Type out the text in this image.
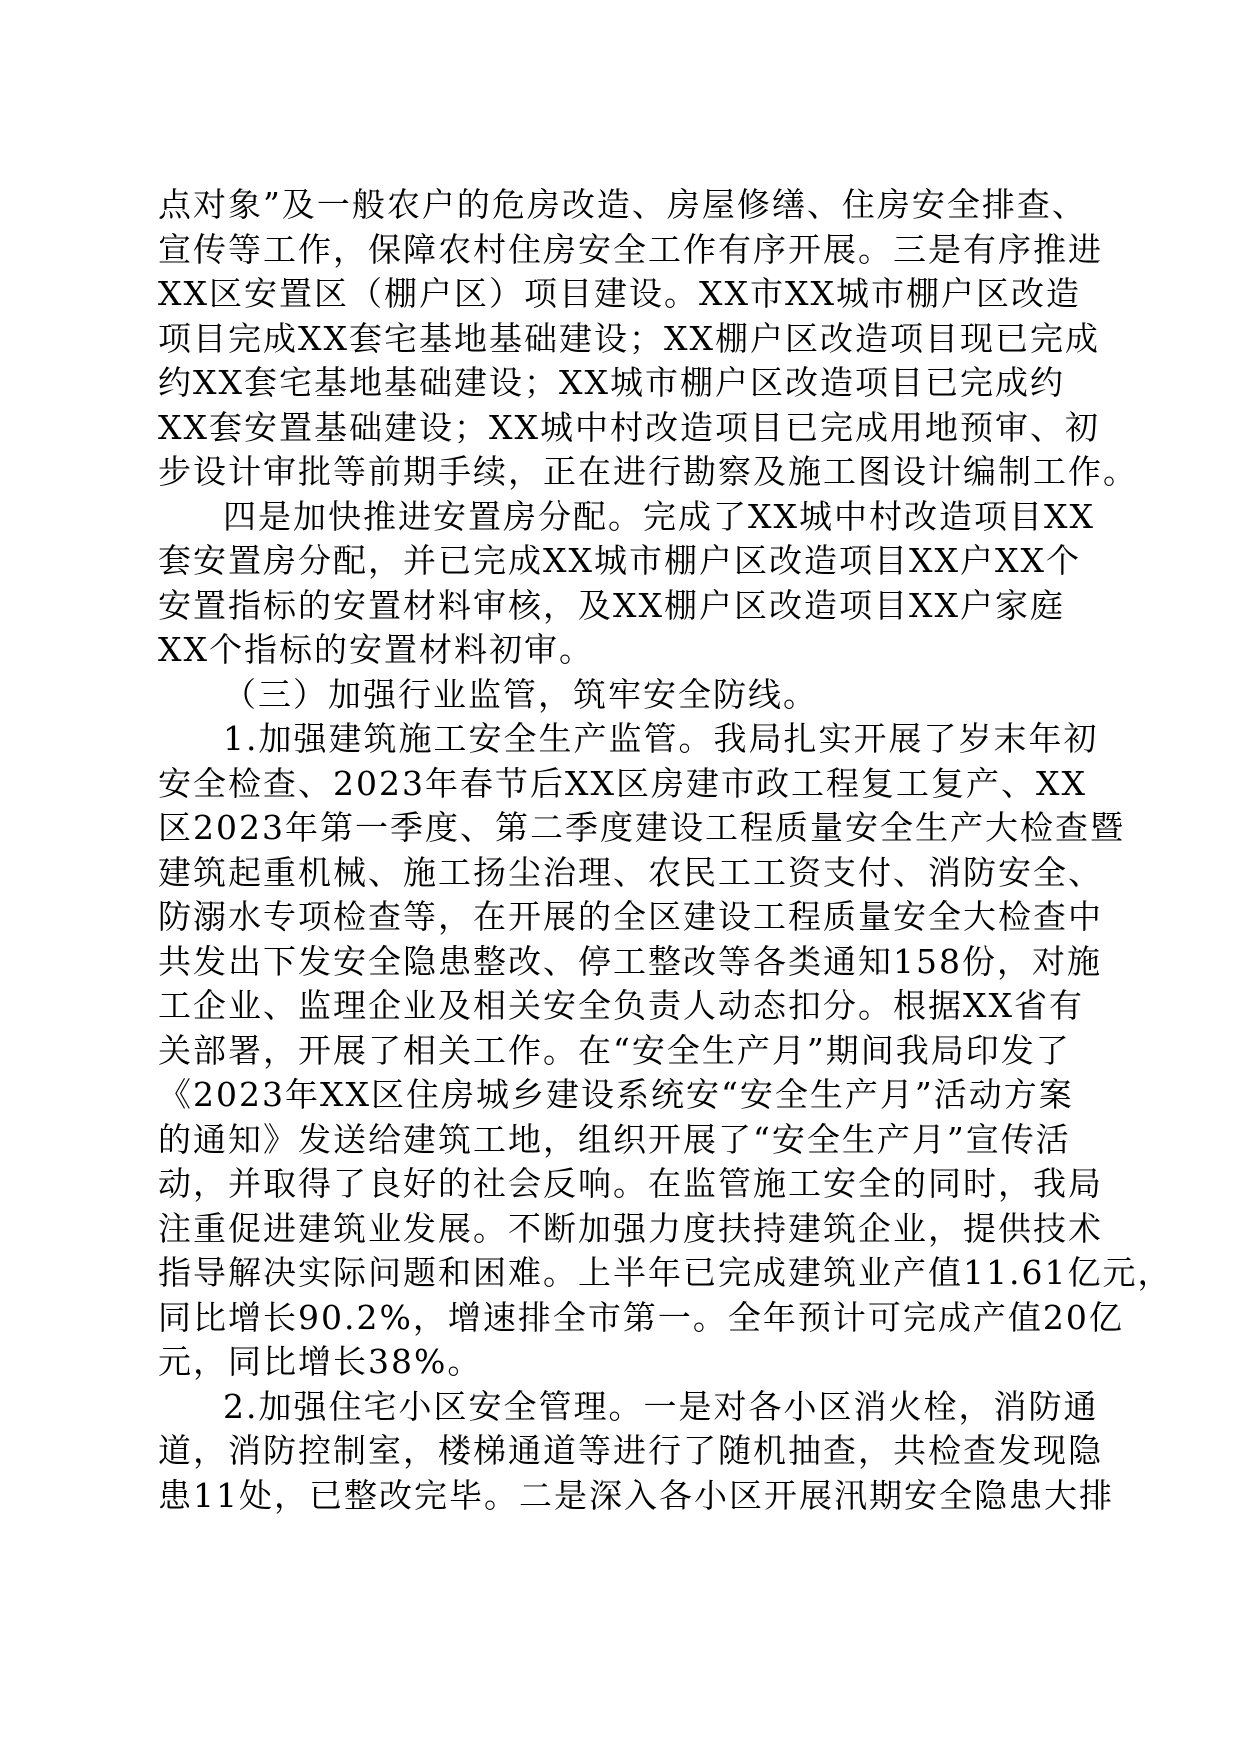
点对象”及一般农户的危房改造、房屋修缮、住房安全排查、
宣传等工作，保障农村住房安全工作有序开展。三是有序推进
XX区安置区（棚户区）项目建设。XX市XX城市棚户区改造
项目完成XX套宅基地基础建设；XX棚户区改造项目现已完成
约XX套宅基地基础建设；XX城市棚户区改造项目已完成约
XX套安置基础建设；XX城中村改造项目已完成用地预审、初
步设计审批等前期手续，正在进行勘察及施工图设计编制工作。
四是加快推进安置房分配。完成了XX城中村改造项目XX
套安置房分配，并已完成XX城市棚户区改造项目XX户XX个
安置指标的安置材料审核，及XX棚户区改造项目XX户家庭
XX个指标的安置材料初审。
（三）加强行业监管，筑牢安全防线。
1.加强建筑施工安全生产监管。我局扎实开展了岁末年初
安全检查、2023年春节后XX区房建市政工程复工复产、XX
区2023年第一季度、第二季度建设工程质量安全生产大检查暨
建筑起重机械、施工扬尘治理、农民工工资支付、消防安全、
防溺水专项检查等，在开展的全区建设工程质量安全大检查中
共发出下发安全隐患整改、停工整改等各类通知158份，对施
工企业、监理企业及相关安全负责人动态扣分。根据XX省有
关部署，开展了相关工作。在“安全生产月”期间我局印发了
《2023年XX区住房城乡建设系统安“安全生产月”活动方案
的通知》发送给建筑工地，组织开展了“安全生产月”宣传活
动，并取得了良好的社会反响。在监管施工安全的同时，我局
注重促进建筑业发展。不断加强力度扶持建筑企业，提供技术
指导解决实际问题和困难。上半年已完成建筑业产值11.61亿元，
同比增长90.2%，增速排全市第一。全年预计可完成产值20亿
元，同比增长38%。
2.加强住宅小区安全管理。一是对各小区消火栓，消防通
道，消防控制室，楼梯通道等进行了随机抽查，共检查发现隐
患11处，已整改完毕。二是深入各小区开展汛期安全隐患大排
